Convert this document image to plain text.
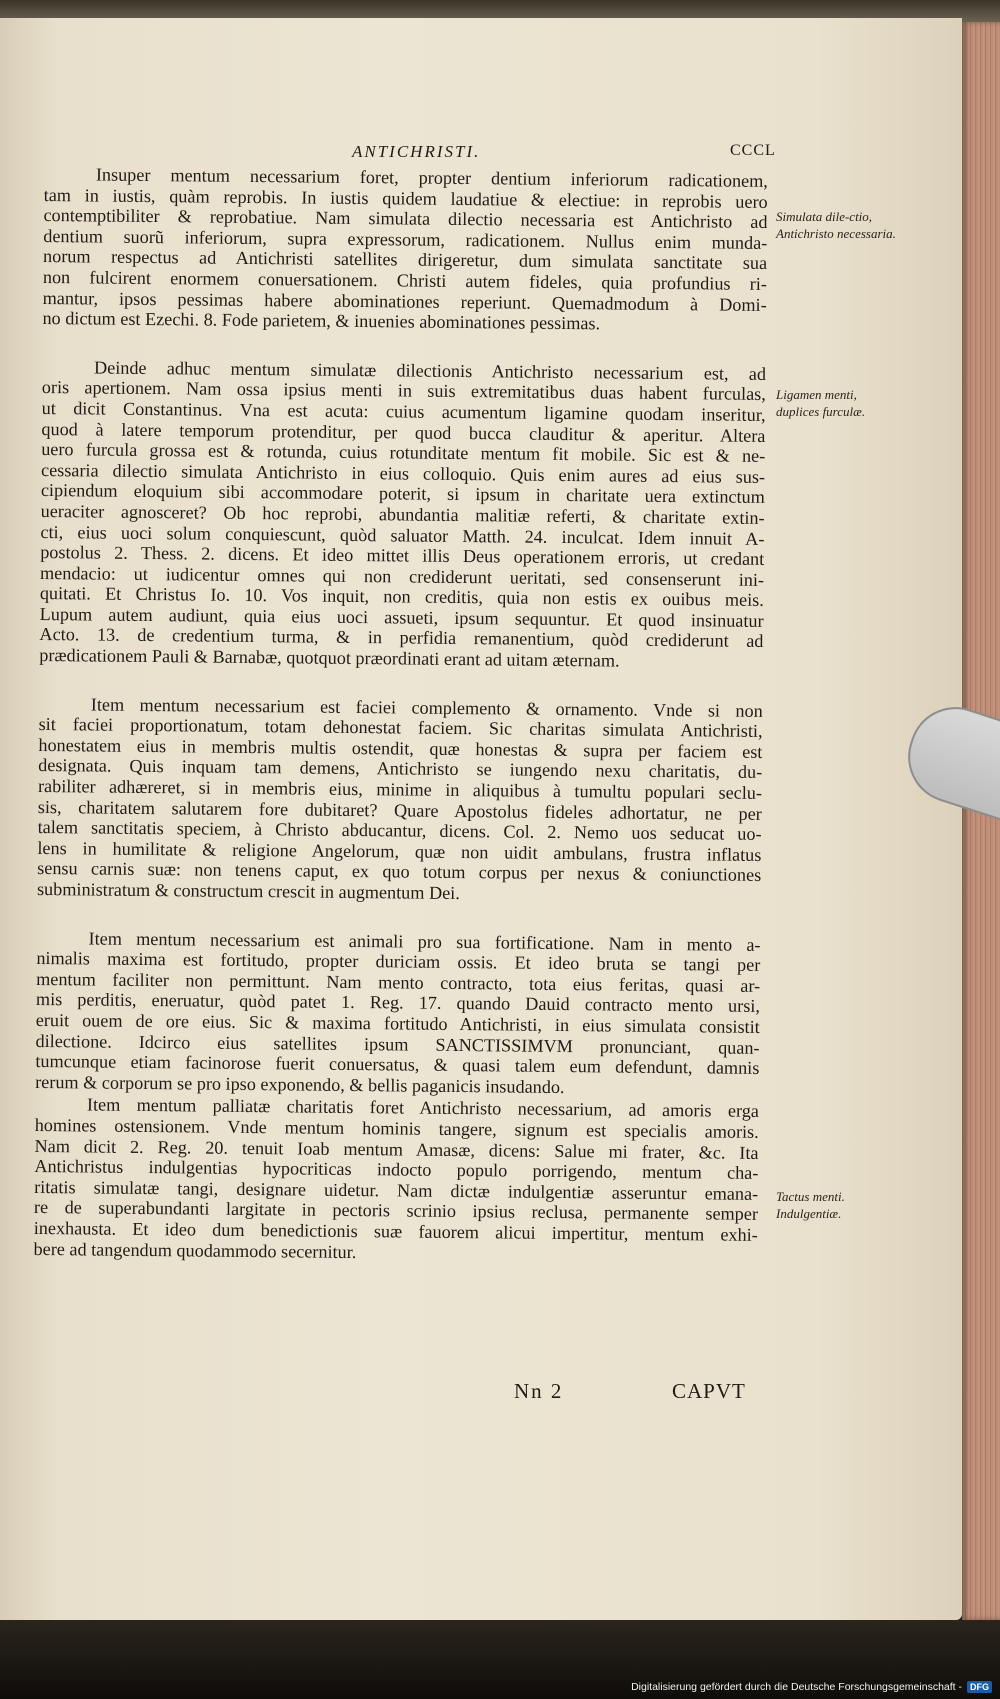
ANTICHRISTI.	CCCL
Insuper mentum necessarium foret, propter dentium inferiorum radicationem,
tam in iustis, quàm reprobis. In iustis quidem laudatiue & electiue: in reprobis uero
contemptibiliter & reprobatiue. Nam simulata dilectio necessaria est Antichristo ad
dentium suorũ inferiorum, supra expressorum, radicationem. Nullus enim munda-
norum respectus ad Antichristi satellites dirigeretur, dum simulata sanctitate sua
non fulcirent enormem conuersationem. Christi autem fideles, quia profundius ri-
mantur, ipsos pessimas habere abominationes reperiunt. Quemadmodum à Domi-
no dictum est Ezechi. 8. Fode parietem, & inuenies abominationes pessimas.
Deinde adhuc mentum simulatæ dilectionis Antichristo necessarium est, ad
oris apertionem. Nam ossa ipsius menti in suis extremitatibus duas habent furculas,
ut dicit Constantinus. Vna est acuta: cuius acumentum ligamine quodam inseritur,
quod à latere temporum protenditur, per quod bucca clauditur & aperitur. Altera
uero furcula grossa est & rotunda, cuius rotunditate mentum fit mobile. Sic est & ne-
cessaria dilectio simulata Antichristo in eius colloquio. Quis enim aures ad eius sus-
cipiendum eloquium sibi accommodare poterit, si ipsum in charitate uera extinctum
ueraciter agnosceret? Ob hoc reprobi, abundantia malitiæ referti, & charitate extin-
cti, eius uoci solum conquiescunt, quòd saluator Matth. 24. inculcat. Idem innuit A-
postolus 2. Thess. 2. dicens. Et ideo mittet illis Deus operationem erroris, ut credant
mendacio: ut iudicentur omnes qui non crediderunt ueritati, sed consenserunt ini-
quitati. Et Christus Io. 10. Vos inquit, non creditis, quia non estis ex ouibus meis.
Lupum autem audiunt, quia eius uoci assueti, ipsum sequuntur. Et quod insinuatur
Acto. 13. de credentium turma, & in perfidia remanentium, quòd crediderunt ad
prædicationem Pauli & Barnabæ, quotquot præordinati erant ad uitam æternam.
Item mentum necessarium est faciei complemento & ornamento. Vnde si non
sit faciei proportionatum, totam dehonestat faciem. Sic charitas simulata Antichristi,
honestatem eius in membris multis ostendit, quæ honestas & supra per faciem est
designata. Quis inquam tam demens, Antichristo se iungendo nexu charitatis, du-
rabiliter adhæreret, si in membris eius, minime in aliquibus à tumultu populari seclu-
sis, charitatem salutarem fore dubitaret? Quare Apostolus fideles adhortatur, ne per
talem sanctitatis speciem, à Christo abducantur, dicens. Col. 2. Nemo uos seducat uo-
lens in humilitate & religione Angelorum, quæ non uidit ambulans, frustra inflatus
sensu carnis suæ: non tenens caput, ex quo totum corpus per nexus & coniunctiones
subministratum & constructum crescit in augmentum Dei.
Item mentum necessarium est animali pro sua fortificatione. Nam in mento a-
nimalis maxima est fortitudo, propter duriciam ossis. Et ideo bruta se tangi per
mentum faciliter non permittunt. Nam mento contracto, tota eius feritas, quasi ar-
mis perditis, eneruatur, quòd patet 1. Reg. 17. quando Dauid contracto mento ursi,
eruit ouem de ore eius. Sic & maxima fortitudo Antichristi, in eius simulata consistit
dilectione. Idcirco eius satellites ipsum SANCTISSIMVM pronunciant, quan-
tumcunque etiam facinorose fuerit conuersatus, & quasi talem eum defendunt, damnis
rerum & corporum se pro ipso exponendo, & bellis paganicis insudando.
Item mentum palliatæ charitatis foret Antichristo necessarium, ad amoris erga
homines ostensionem. Vnde mentum hominis tangere, signum est specialis amoris.
Nam dicit 2. Reg. 20. tenuit Ioab mentum Amasæ, dicens: Salue mi frater, &c. Ita
Antichristus indulgentias hypocriticas indocto populo porrigendo, mentum cha-
ritatis simulatæ tangi, designare uidetur. Nam dictæ indulgentiæ asseruntur emana-
re de superabundanti largitate in pectoris scrinio ipsius reclusa, permanente semper
inexhausta. Et ideo dum benedictionis suæ fauorem alicui impertitur, mentum exhi-
bere ad tangendum quodammodo secernitur.
Simulata dile-ctio, Antichristo necessaria.
Ligamen menti, duplices furculæ.
Tactus menti. Indulgentiæ.
Nn 2	CAPVT
Digitalisierung gefördert durch die Deutsche Forschungsgemeinschaft - DFG
